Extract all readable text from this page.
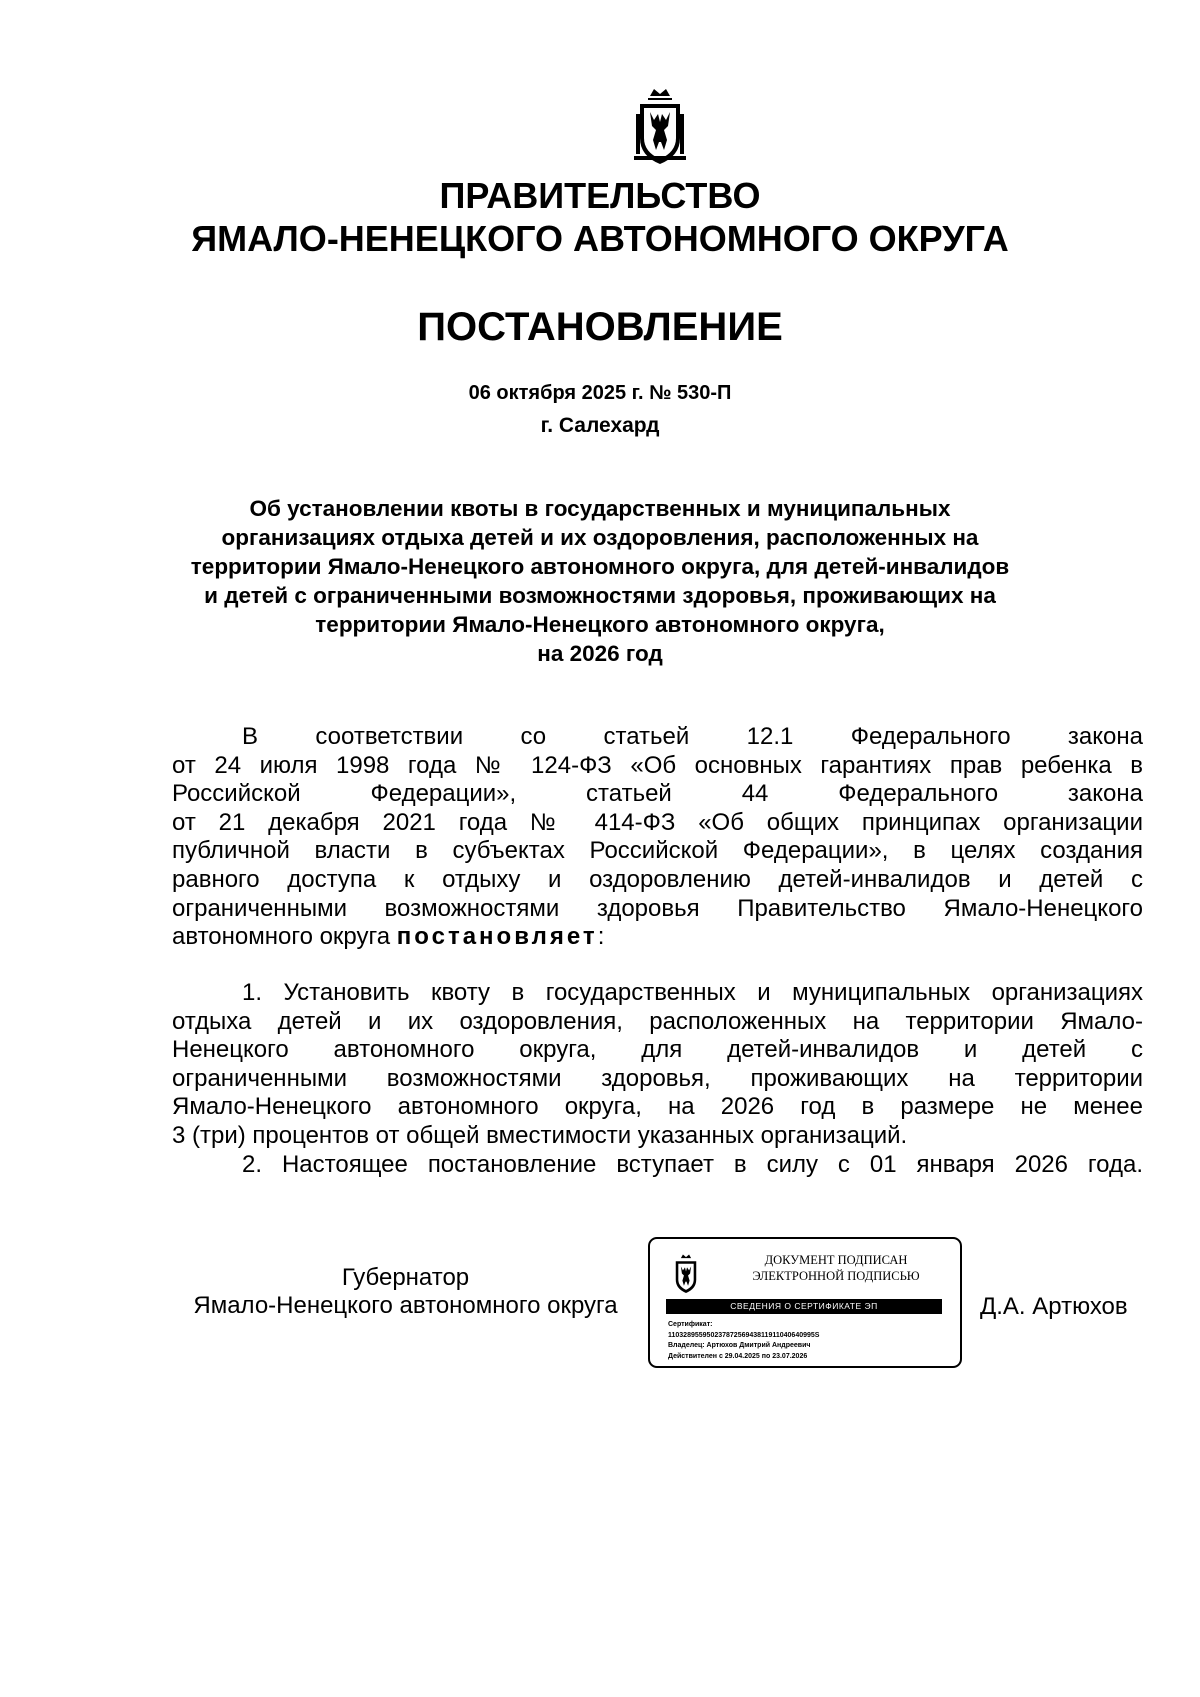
ПРАВИТЕЛЬСТВО
ЯМАЛО-НЕНЕЦКОГО АВТОНОМНОГО ОКРУГА
ПОСТАНОВЛЕНИЕ
06 октября 2025 г. № 530-П
г. Салехард
Об установлении квоты в государственных и муниципальных
организациях отдыха детей и их оздоровления, расположенных на
территории Ямало-Ненецкого автономного округа, для детей-инвалидов
и детей с ограниченными возможностями здоровья, проживающих на
территории Ямало-Ненецкого автономного округа,
на 2026 год
В соответствии со статьей 12.1 Федерального закона
от 24 июля 1998 года № 124-ФЗ «Об основных гарантиях прав ребенка в
Российской Федерации», статьей 44 Федерального закона
от 21 декабря 2021 года № 414-ФЗ «Об общих принципах организации
публичной власти в субъектах Российской Федерации», в целях создания
равного доступа к отдыху и оздоровлению детей-инвалидов и детей с
ограниченными возможностями здоровья Правительство Ямало-Ненецкого
автономного округа постановляет:
1. Установить квоту в государственных и муниципальных организациях
отдыха детей и их оздоровления, расположенных на территории Ямало-
Ненецкого автономного округа, для детей-инвалидов и детей с
ограниченными возможностями здоровья, проживающих на территории
Ямало-Ненецкого автономного округа, на 2026 год в размере не менее
3 (три) процентов от общей вместимости указанных организаций.
2. Настоящее постановление вступает в силу с 01 января 2026 года.
Губернатор
Ямало-Ненецкого автономного округа
ДОКУМЕНТ ПОДПИСАН
ЭЛЕКТРОННОЙ ПОДПИСЬЮ
СВЕДЕНИЯ О СЕРТИФИКАТЕ ЭП
Сертификат:
11032895595023787256943811911040640995S
Владелец: Артюхов Дмитрий Андреевич
Действителен с 29.04.2025 по 23.07.2026
Д.А. Артюхов
